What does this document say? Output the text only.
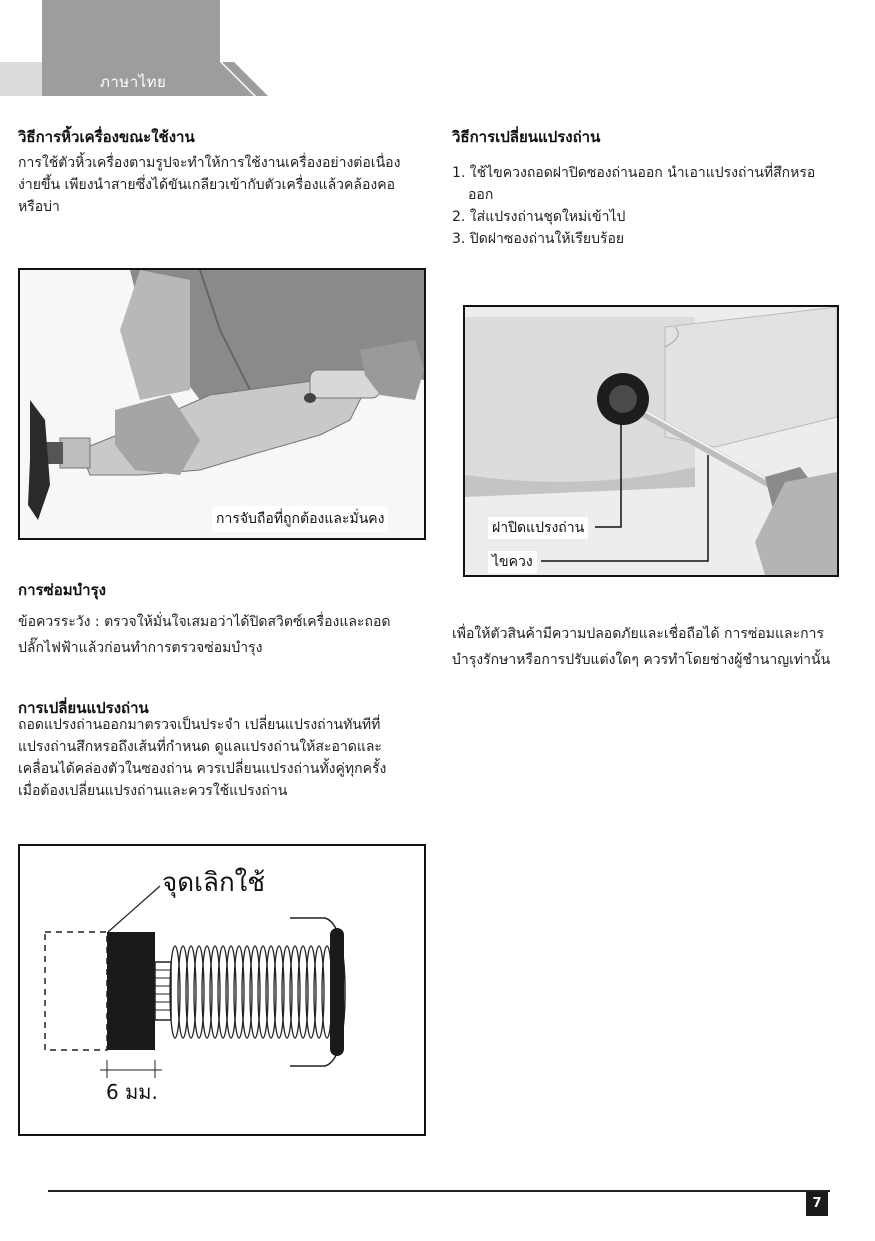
ภาษาไทย
วิธีการหิ้วเครื่องขณะใช้งาน

การใช้ตัวหิ้วเครื่องตามรูปจะทำให้การใช้งานเครื่องอย่างต่อเนื่อง

ง่ายขึ้น เพียงนำสายซึ่งได้ขันเกลียวเข้ากับตัวเครื่องแล้วคล้องคอ

หรือบ่า

การจับถือที่ถูกต้องและมั่นคง
การซ่อมบำรุง

ข้อควรระวัง : ตรวจให้มั่นใจเสมอว่าได้ปิดสวิตซ์เครื่องและถอด

ปลั๊กไฟฟ้าแล้วก่อนทำการตรวจซ่อมบำรุง

การเปลี่ยนแปรงถ่าน

ถอดแปรงถ่านออกมาตรวจเป็นประจำ เปลี่ยนแปรงถ่านทันทีที่

แปรงถ่านสึกหรอถึงเส้นที่กำหนด ดูแลแปรงถ่านให้สะอาดและ

เคลื่อนได้คล่องตัวในซองถ่าน ควรเปลี่ยนแปรงถ่านทั้งคู่ทุกครั้ง

เมื่อต้องเปลี่ยนแปรงถ่านและควรใช้แปรงถ่าน

จุดเลิกใช้
6 มม.
วิธีการเปลี่ยนแปรงถ่าน
1. ใช้ไขควงถอดฝาปิดซองถ่านออก นำเอาแปรงถ่านที่สึกหรอ
ออก
2. ใส่แปรงถ่านชุดใหม่เข้าไป
3. ปิดฝาซองถ่านให้เรียบร้อย
ฝาปิดแปรงถ่าน
ไขควง

เพื่อให้ตัวสินค้ามีความปลอดภัยและเชื่อถือได้ การซ่อมและการ

บำรุงรักษาหรือการปรับแต่งใดๆ ควรทำโดยช่างผู้ชำนาญเท่านั้น

7
